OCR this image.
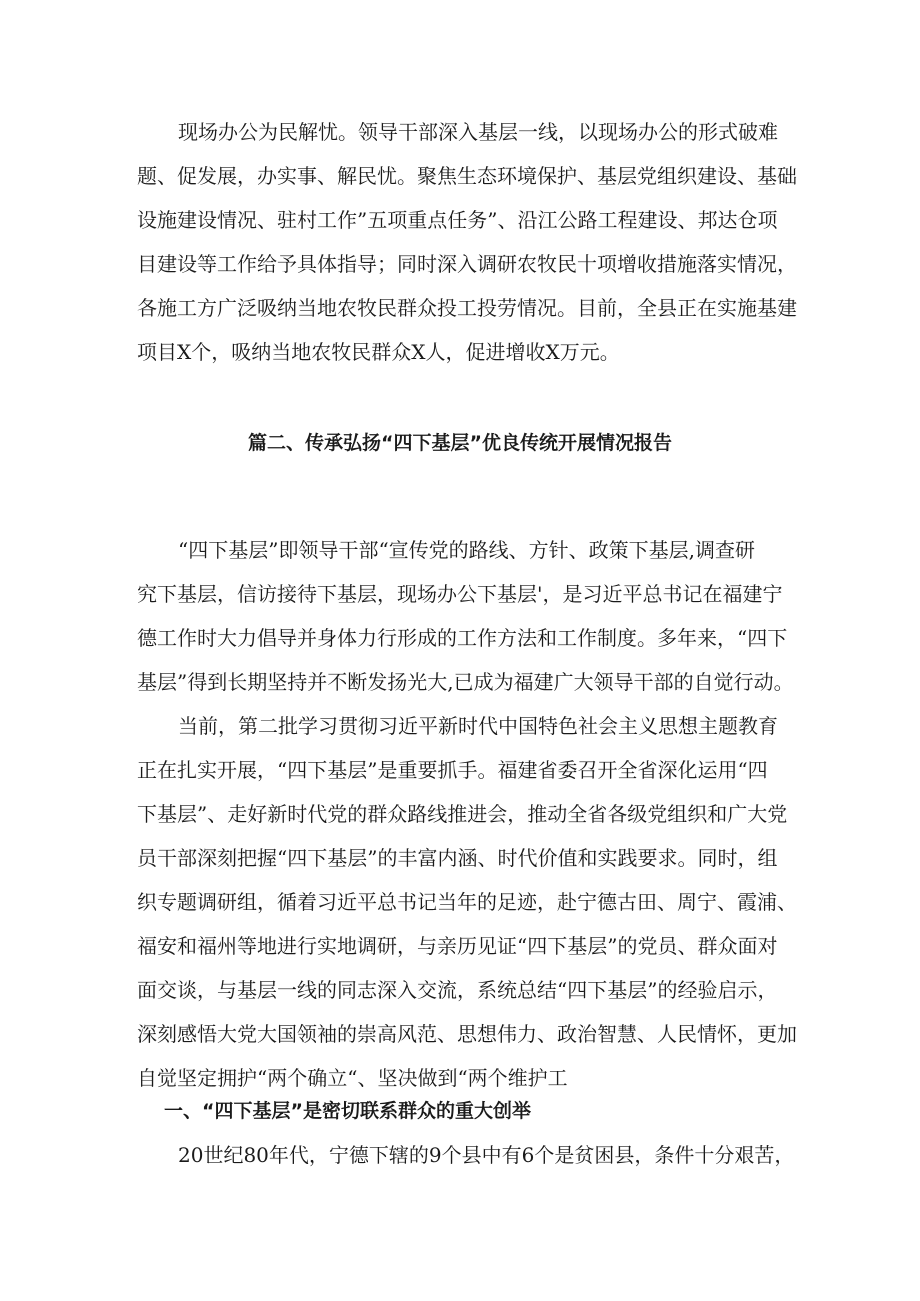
现场办公为民解忧。领导干部深入基层一线，以现场办公的形式破难
题、促发展，办实事、解民忧。聚焦生态环境保护、基层党组织建设、基础
设施建设情况、驻村工作”五项重点任务”、沿江公路工程建设、邦达仓项
目建设等工作给予具体指导；同时深入调研农牧民十项增收措施落实情况，
各施工方广泛吸纳当地农牧民群众投工投劳情况。目前，全县正在实施基建
项目X个，吸纳当地农牧民群众X人，促进增收X万元。
篇二、传承弘扬“四下基层”优良传统开展情况报告
“四下基层”即领导干部“宣传党的路线、方针、政策下基层,调查研
究下基层，信访接待下基层，现场办公下基层'，是习近平总书记在福建宁
德工作时大力倡导并身体力行形成的工作方法和工作制度。多年来，“四下
基层”得到长期坚持并不断发扬光大,已成为福建广大领导干部的自觉行动。
当前，第二批学习贯彻习近平新时代中国特色社会主义思想主题教育
正在扎实开展，“四下基层”是重要抓手。福建省委召开全省深化运用“四
下基层”、走好新时代党的群众路线推进会，推动全省各级党组织和广大党
员干部深刻把握“四下基层”的丰富内涵、时代价值和实践要求。同时，组
织专题调研组，循着习近平总书记当年的足迹，赴宁德古田、周宁、霞浦、
福安和福州等地进行实地调研，与亲历见证“四下基层”的党员、群众面对
面交谈，与基层一线的同志深入交流，系统总结“四下基层”的经验启示，
深刻感悟大党大国领袖的崇高风范、思想伟力、政治智慧、人民情怀，更加
自觉坚定拥护“两个确立“、坚决做到“两个维护工
一、“四下基层”是密切联系群众的重大创举
20世纪80年代，宁德下辖的9个县中有6个是贫困县，条件十分艰苦，
